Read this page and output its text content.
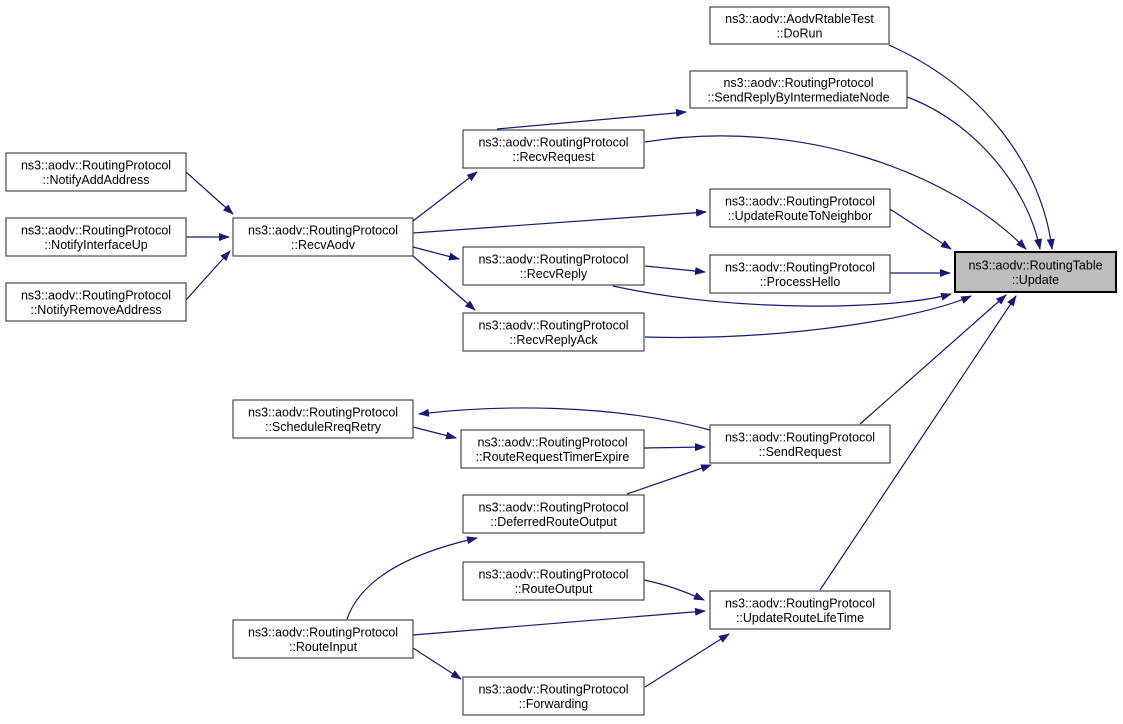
ns3::aodv::AodvRtableTest
::DoRun
ns3::aodv::RoutingProtocol
::SendReplyByIntermediateNode
ns3::aodv::RoutingProtocol
::RecvRequest
ns3::aodv::RoutingProtocol
::NotifyAddAddress
ns3::aodv::RoutingProtocol
::UpdateRouteToNeighbor
ns3::aodv::RoutingProtocol
::NotifyInterfaceUp
ns3::aodv::RoutingProtocol
::RecvAodv
ns3::aodv::RoutingProtocol
::RecvReply
ns3::aodv::RoutingTable
::Update
ns3::aodv::RoutingProtocol
::ProcessHello
ns3::aodv::RoutingProtocol
::NotifyRemoveAddress
ns3::aodv::RoutingProtocol
::RecvReplyAck
ns3::aodv::RoutingProtocol
::ScheduleRreqRetry
ns3::aodv::RoutingProtocol
::RouteRequestTimerExpire
ns3::aodv::RoutingProtocol
::SendRequest
ns3::aodv::RoutingProtocol
::DeferredRouteOutput
ns3::aodv::RoutingProtocol
::RouteOutput
ns3::aodv::RoutingProtocol
::UpdateRouteLifeTime
ns3::aodv::RoutingProtocol
::RouteInput
ns3::aodv::RoutingProtocol
::Forwarding
